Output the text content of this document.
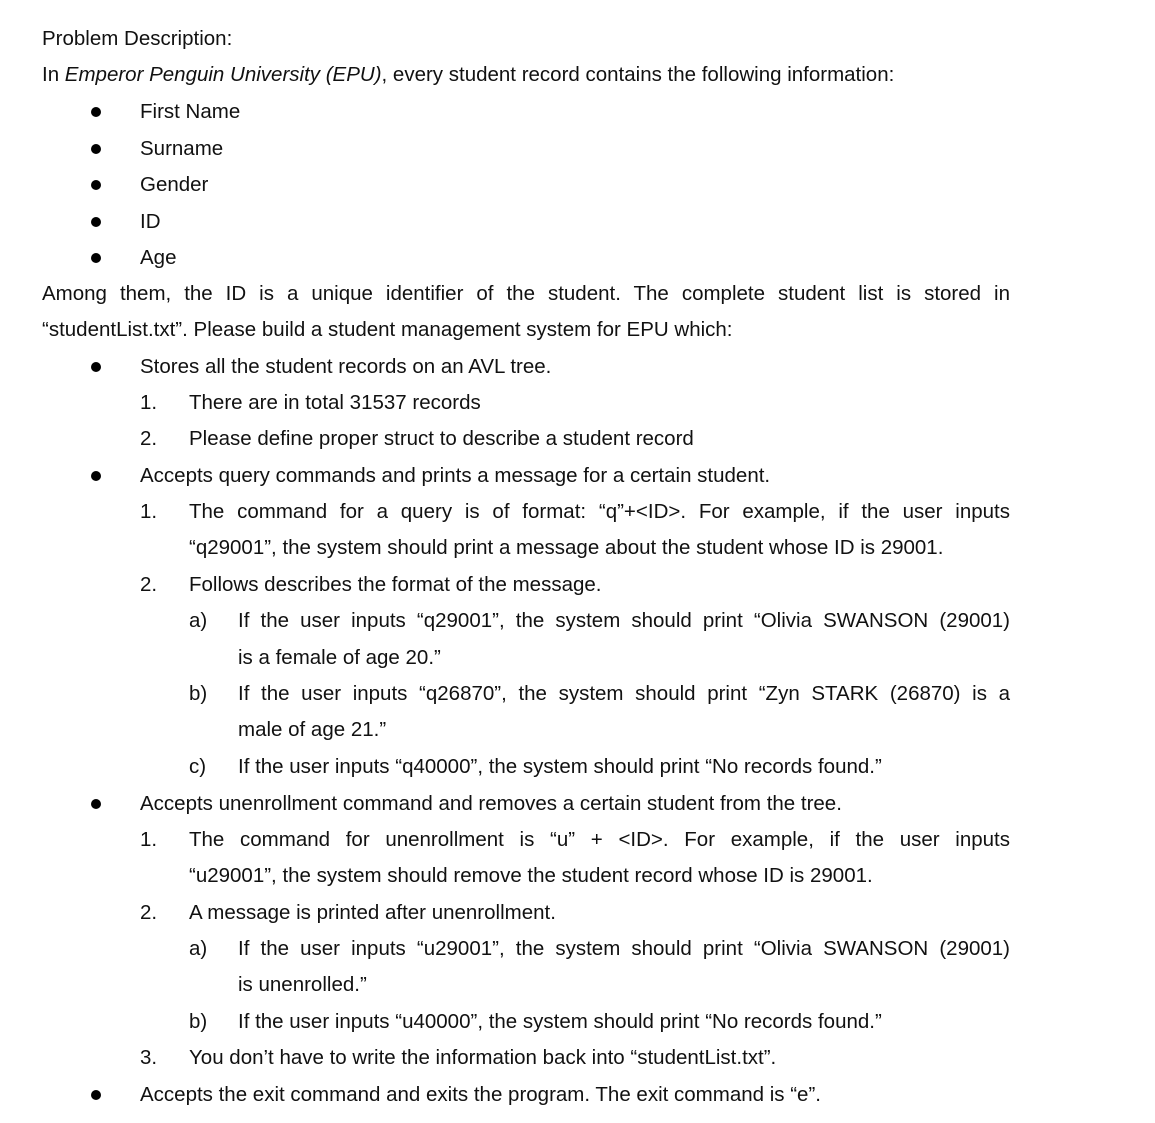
Problem Description:
In Emperor Penguin University (EPU), every student record contains the following information:
First Name
Surname
Gender
ID
Age
Among them, the ID is a unique identifier of the student. The complete student list is stored in
“studentList.txt”. Please build a student management system for EPU which:
Stores all the student records on an AVL tree.
1. There are in total 31537 records
2. Please define proper struct to describe a student record
Accepts query commands and prints a message for a certain student.
1. The command for a query is of format: “q”+<ID>. For example, if the user inputs
“q29001”, the system should print a message about the student whose ID is 29001.
2. Follows describes the format of the message.
a) If the user inputs “q29001”, the system should print “Olivia SWANSON (29001)
is a female of age 20.”
b) If the user inputs “q26870”, the system should print “Zyn STARK (26870) is a
male of age 21.”
c) If the user inputs “q40000”, the system should print “No records found.”
Accepts unenrollment command and removes a certain student from the tree.
1. The command for unenrollment is “u” + <ID>. For example, if the user inputs
“u29001”, the system should remove the student record whose ID is 29001.
2. A message is printed after unenrollment.
a) If the user inputs “u29001”, the system should print “Olivia SWANSON (29001)
is unenrolled.”
b) If the user inputs “u40000”, the system should print “No records found.”
3. You don’t have to write the information back into “studentList.txt”.
Accepts the exit command and exits the program. The exit command is “e”.
